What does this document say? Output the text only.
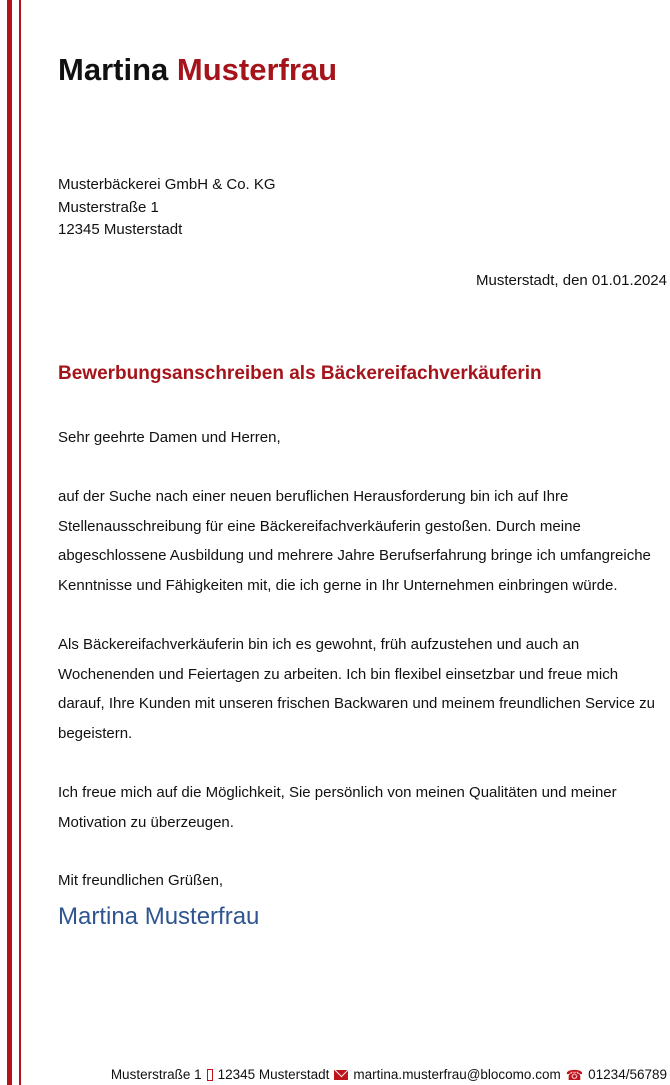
Martina Musterfrau
Musterbäckerei GmbH & Co. KG
Musterstraße 1
12345 Musterstadt
Musterstadt, den 01.01.2024
Bewerbungsanschreiben als Bäckereifachverkäuferin
Sehr geehrte Damen und Herren,

auf der Suche nach einer neuen beruflichen Herausforderung bin ich auf Ihre Stellenausschreibung für eine Bäckereifachverkäuferin gestoßen. Durch meine abgeschlossene Ausbildung und mehrere Jahre Berufserfahrung bringe ich umfangreiche Kenntnisse und Fähigkeiten mit, die ich gerne in Ihr Unternehmen einbringen würde.

Als Bäckereifachverkäuferin bin ich es gewohnt, früh aufzustehen und auch an Wochenenden und Feiertagen zu arbeiten. Ich bin flexibel einsetzbar und freue mich darauf, Ihre Kunden mit unseren frischen Backwaren und meinem freundlichen Service zu begeistern.

Ich freue mich auf die Möglichkeit, Sie persönlich von meinen Qualitäten und meiner Motivation zu überzeugen.

Mit freundlichen Grüßen,
Martina Musterfrau
Musterstraße 1 12345 Musterstadt martina.musterfrau@blocomo.com ☎ 01234/56789
